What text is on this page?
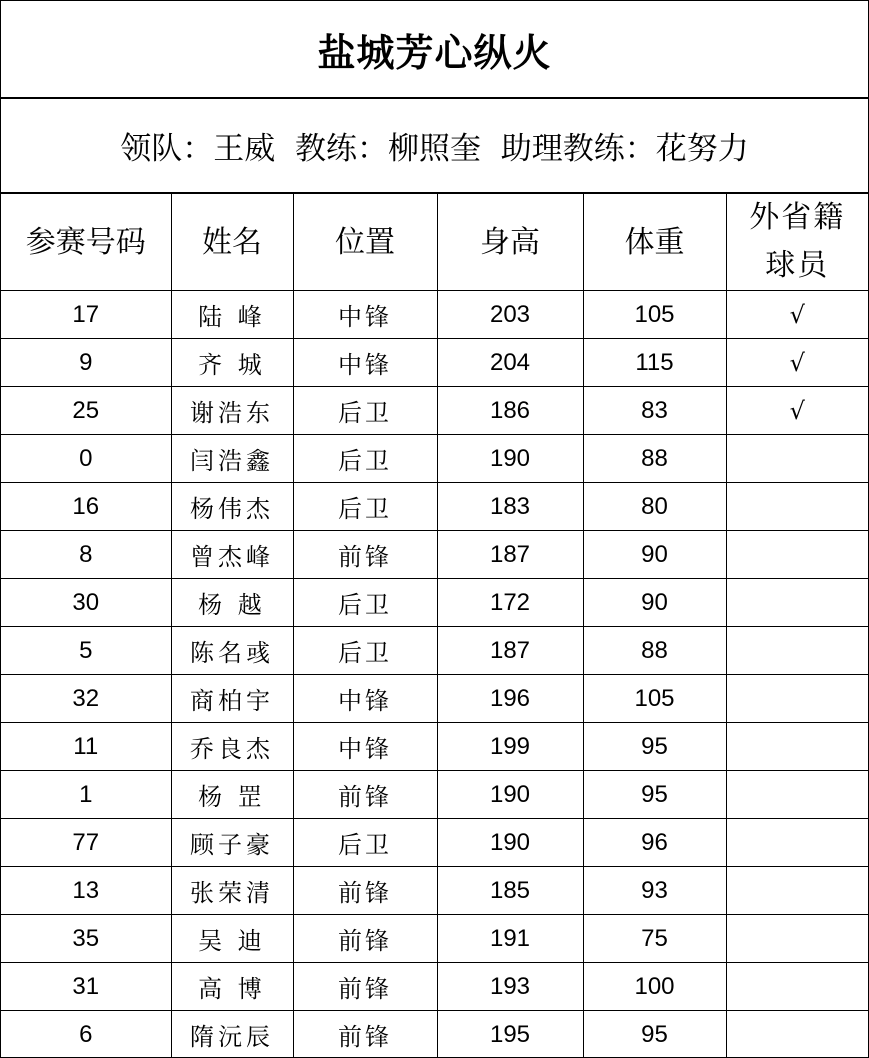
盐城芳心纵火
领队：王威  教练：柳照奎  助理教练：花努力
参赛号码	姓名	位置	身高	体重	外省籍球员
17	陆 峰	中锋	203	105	√
9	齐 城	中锋	204	115	√
25	谢浩东	后卫	186	83	√
0	闫浩鑫	后卫	190	88	
16	杨伟杰	后卫	183	80	
8	曾杰峰	前锋	187	90	
30	杨 越	后卫	172	90	
5	陈名彧	后卫	187	88	
32	商柏宇	中锋	196	105	
11	乔良杰	中锋	199	95	
1	杨 罡	前锋	190	95	
77	顾子豪	后卫	190	96	
13	张荣清	前锋	185	93	
35	吴 迪	前锋	191	75	
31	高 博	前锋	193	100	
6	隋沅辰	前锋	195	95	
